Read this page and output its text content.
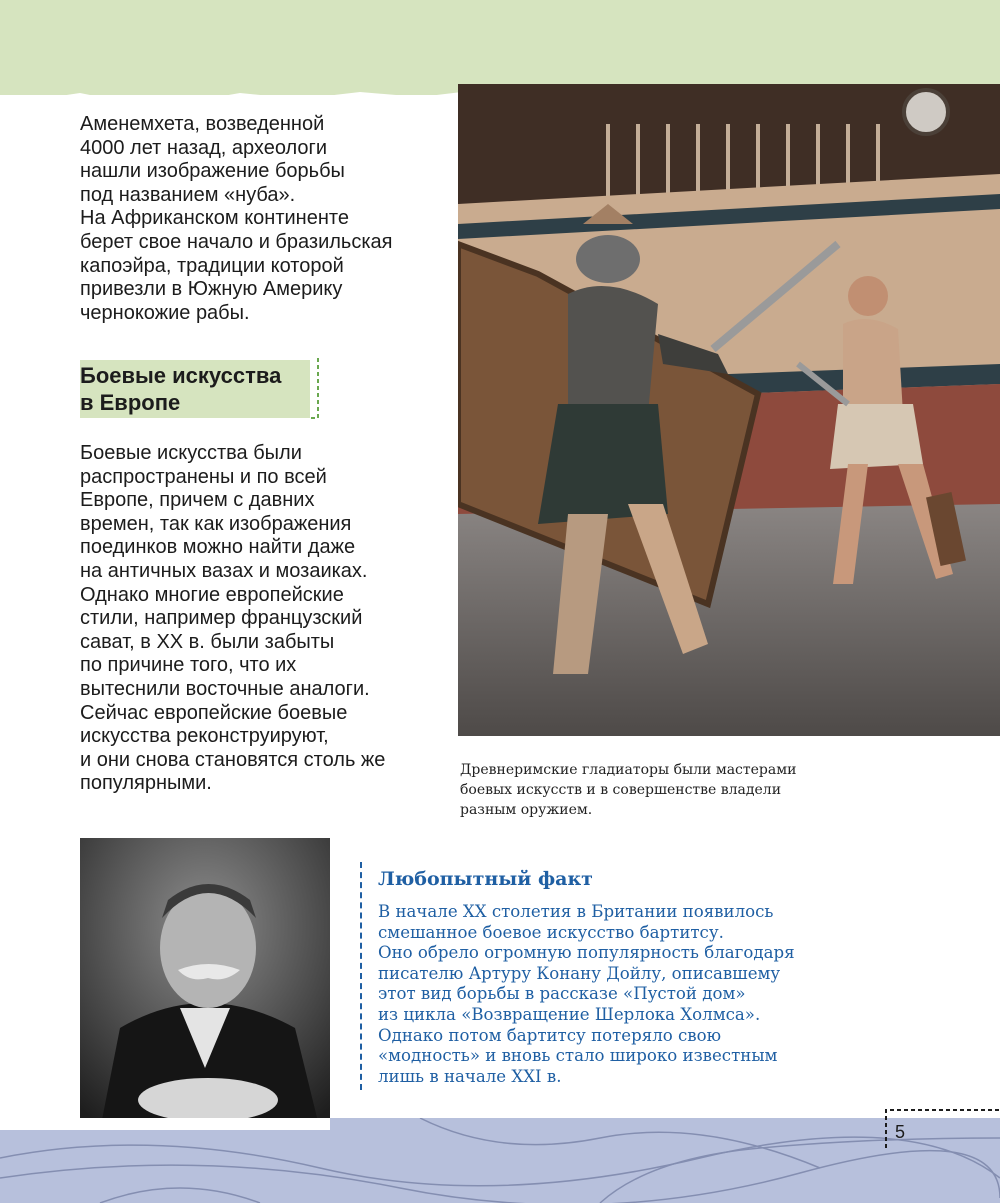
Аменемхета, возведенной
4000 лет назад, археологи
нашли изображение борьбы
под названием «нуба».
На Африканском континенте
берет свое начало и бразильская
капоэйра, традиции которой
привезли в Южную Америку
чернокожие рабы.

Боевые искусства
в Европе

Боевые искусства были
распространены и по всей
Европе, причем с давних
времен, так как изображения
поединков можно найти даже
на античных вазах и мозаиках.
Однако многие европейские
стили, например французский
сават, в XX в. были забыты
по причине того, что их
вытеснили восточные аналоги.
Сейчас европейские боевые
искусства реконструируют,
и они снова становятся столь же
популярными.

Древнеримские гладиаторы были мастерами
боевых искусств и в совершенстве владели
разным оружием.

Любопытный факт

В начале XX столетия в Британии появилось
смешанное боевое искусство бартитсу.
Оно обрело огромную популярность благодаря
писателю Артуру Конану Дойлу, описавшему
этот вид борьбы в рассказе «Пустой дом»
из цикла «Возвращение Шерлока Холмса».
Однако потом бартитсу потеряло свою
«модность» и вновь стало широко известным
лишь в начале XXI в.

5
